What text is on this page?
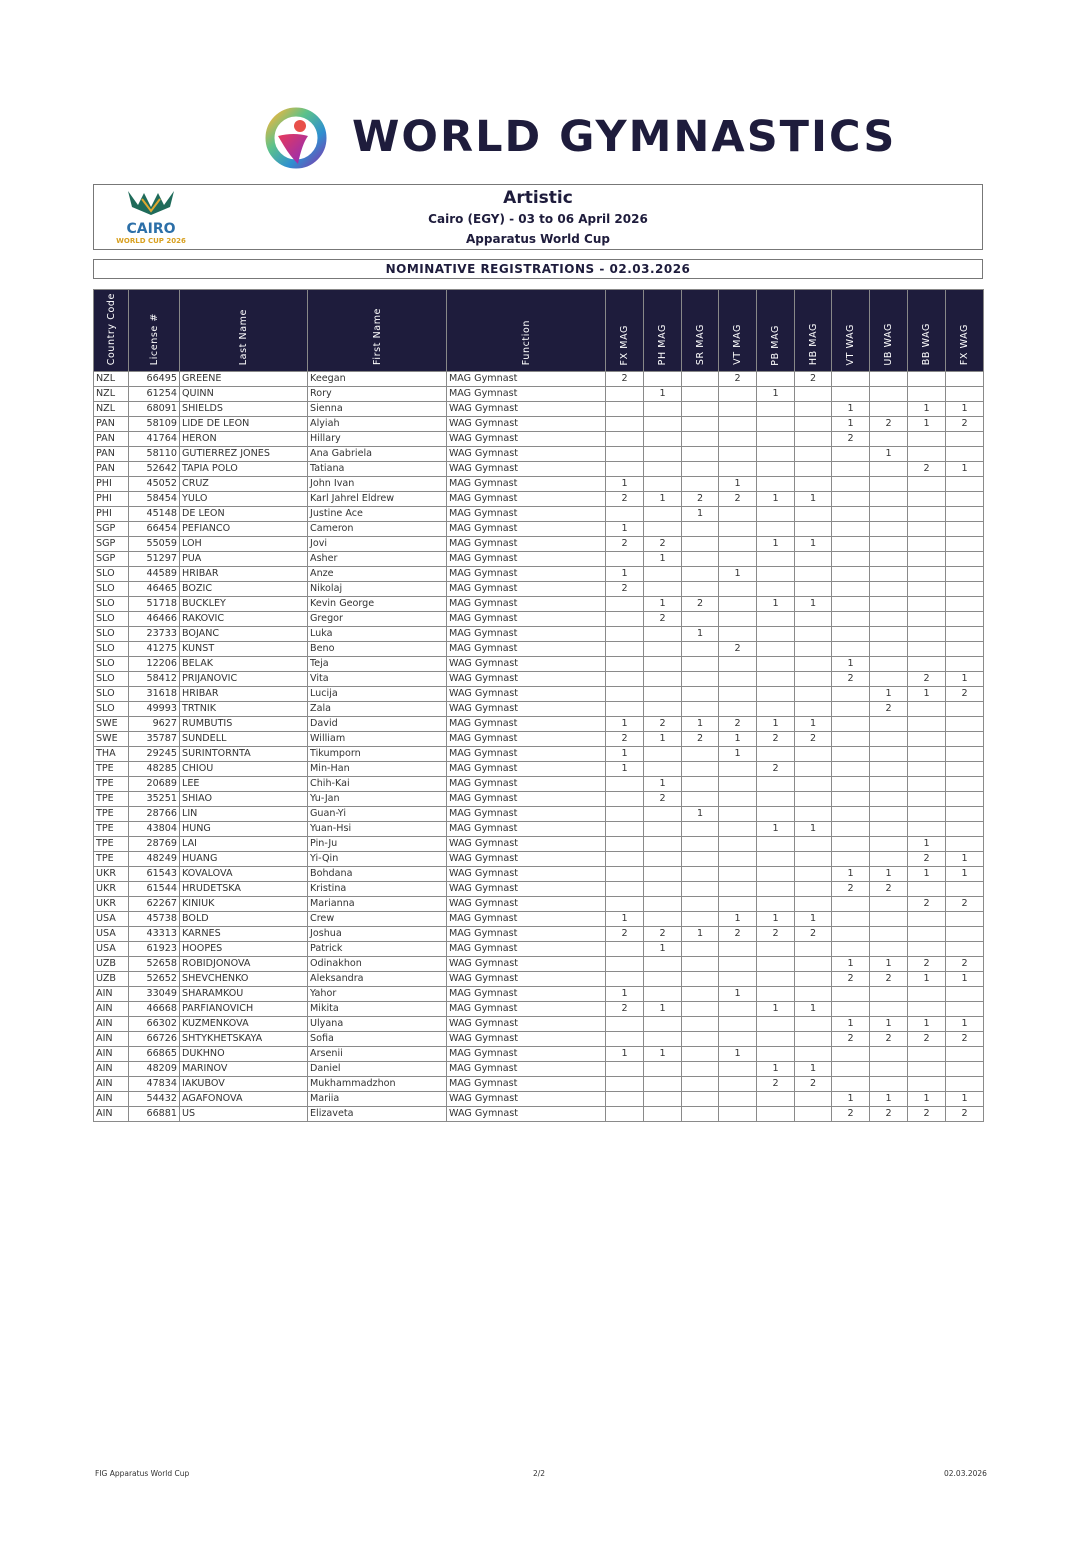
WORLD GYMNASTICS
CAIRO
WORLD CUP 2026
Artistic
Cairo (EGY) - 03 to 06 April 2026
Apparatus World Cup
NOMINATIVE REGISTRATIONS - 02.03.2026
Country Code	License #	Last Name	First Name	Function	FX MAG	PH MAG	SR MAG	VT MAG	PB MAG	HB MAG	VT WAG	UB WAG	BB WAG	FX WAG
NZL	66495	GREENE	Keegan	MAG Gymnast	2			2		2				
NZL	61254	QUINN	Rory	MAG Gymnast		1			1					
NZL	68091	SHIELDS	Sienna	WAG Gymnast							1		1	1
PAN	58109	LIDE DE LEON	Alyiah	WAG Gymnast							1	2	1	2
PAN	41764	HERON	Hillary	WAG Gymnast							2			
PAN	58110	GUTIERREZ JONES	Ana Gabriela	WAG Gymnast								1		
PAN	52642	TAPIA POLO	Tatiana	WAG Gymnast									2	1
PHI	45052	CRUZ	John Ivan	MAG Gymnast	1			1						
PHI	58454	YULO	Karl Jahrel Eldrew	MAG Gymnast	2	1	2	2	1	1				
PHI	45148	DE LEON	Justine Ace	MAG Gymnast			1							
SGP	66454	PEFIANCO	Cameron	MAG Gymnast	1									
SGP	55059	LOH	Jovi	MAG Gymnast	2	2			1	1				
SGP	51297	PUA	Asher	MAG Gymnast		1								
SLO	44589	HRIBAR	Anze	MAG Gymnast	1			1						
SLO	46465	BOZIC	Nikolaj	MAG Gymnast	2									
SLO	51718	BUCKLEY	Kevin George	MAG Gymnast		1	2		1	1				
SLO	46466	RAKOVIC	Gregor	MAG Gymnast		2								
SLO	23733	BOJANC	Luka	MAG Gymnast			1							
SLO	41275	KUNST	Beno	MAG Gymnast				2						
SLO	12206	BELAK	Teja	WAG Gymnast							1			
SLO	58412	PRIJANOVIC	Vita	WAG Gymnast							2		2	1
SLO	31618	HRIBAR	Lucija	WAG Gymnast								1	1	2
SLO	49993	TRTNIK	Zala	WAG Gymnast								2		
SWE	9627	RUMBUTIS	David	MAG Gymnast	1	2	1	2	1	1				
SWE	35787	SUNDELL	William	MAG Gymnast	2	1	2	1	2	2				
THA	29245	SURINTORNTA	Tikumporn	MAG Gymnast	1			1						
TPE	48285	CHIOU	Min-Han	MAG Gymnast	1				2					
TPE	20689	LEE	Chih-Kai	MAG Gymnast		1								
TPE	35251	SHIAO	Yu-Jan	MAG Gymnast		2								
TPE	28766	LIN	Guan-Yi	MAG Gymnast			1							
TPE	43804	HUNG	Yuan-Hsi	MAG Gymnast					1	1				
TPE	28769	LAI	Pin-Ju	WAG Gymnast									1	
TPE	48249	HUANG	Yi-Qin	WAG Gymnast									2	1
UKR	61543	KOVALOVA	Bohdana	WAG Gymnast							1	1	1	1
UKR	61544	HRUDETSKA	Kristina	WAG Gymnast							2	2		
UKR	62267	KINIUK	Marianna	WAG Gymnast									2	2
USA	45738	BOLD	Crew	MAG Gymnast	1			1	1	1				
USA	43313	KARNES	Joshua	MAG Gymnast	2	2	1	2	2	2				
USA	61923	HOOPES	Patrick	MAG Gymnast		1								
UZB	52658	ROBIDJONOVA	Odinakhon	WAG Gymnast							1	1	2	2
UZB	52652	SHEVCHENKO	Aleksandra	WAG Gymnast							2	2	1	1
AIN	33049	SHARAMKOU	Yahor	MAG Gymnast	1			1						
AIN	46668	PARFIANOVICH	Mikita	MAG Gymnast	2	1			1	1				
AIN	66302	KUZMENKOVA	Ulyana	WAG Gymnast							1	1	1	1
AIN	66726	SHTYKHETSKAYA	Sofia	WAG Gymnast							2	2	2	2
AIN	66865	DUKHNO	Arsenii	MAG Gymnast	1	1		1						
AIN	48209	MARINOV	Daniel	MAG Gymnast					1	1				
AIN	47834	IAKUBOV	Mukhammadzhon	MAG Gymnast					2	2				
AIN	54432	AGAFONOVA	Mariia	WAG Gymnast							1	1	1	1
AIN	66881	US	Elizaveta	WAG Gymnast							2	2	2	2
FIG Apparatus World Cup	2/2	02.03.2026
